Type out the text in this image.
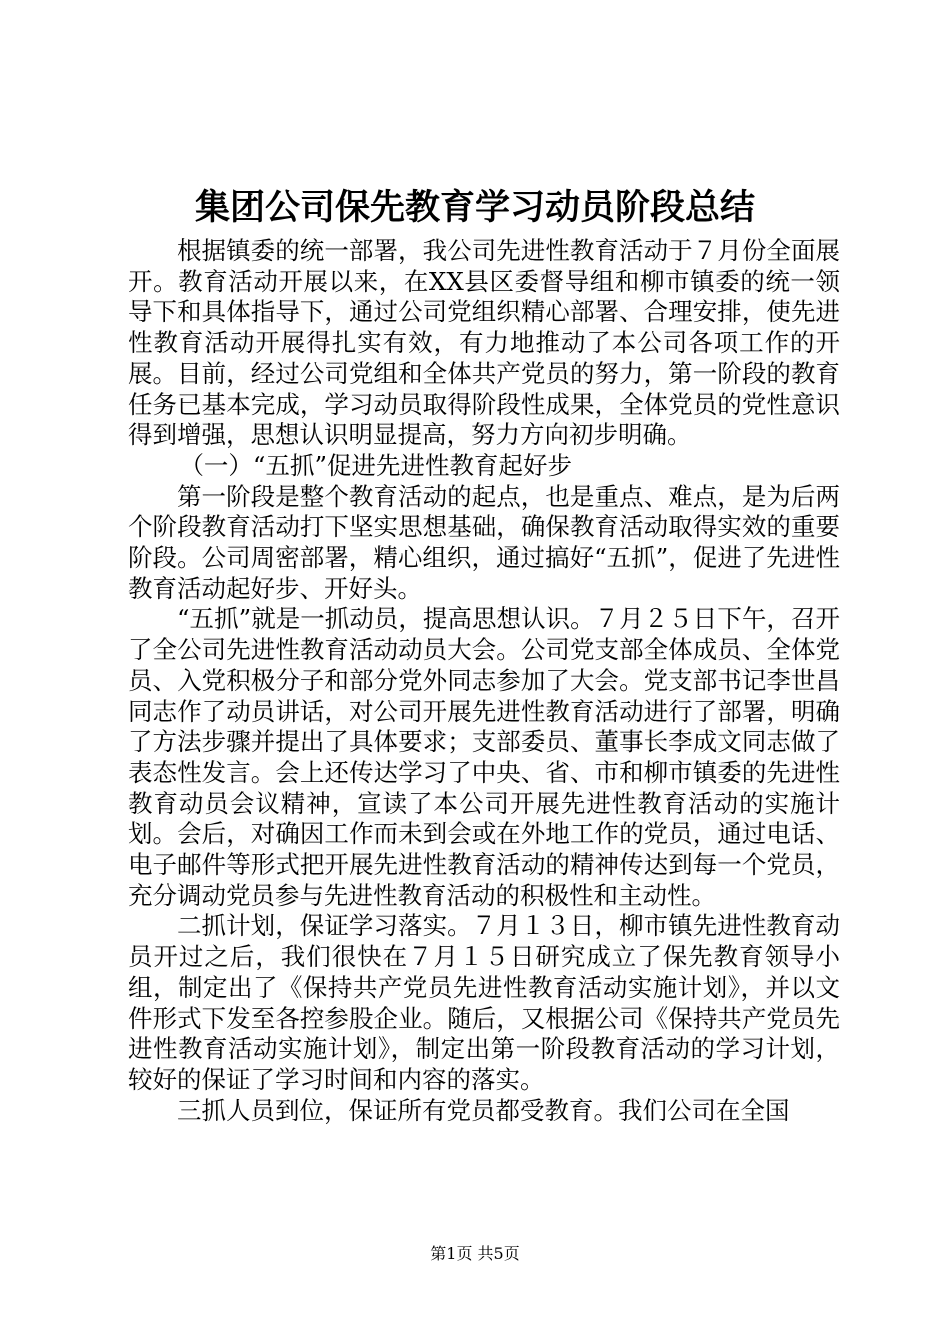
集团公司保先教育学习动员阶段总结

根据镇委的统一部署，我公司先进性教育活动于７月份全面展开。教育活动开展以来，在XX县区委督导组和柳市镇委的统一领导下和具体指导下，通过公司党组织精心部署、合理安排，使先进性教育活动开展得扎实有效，有力地推动了本公司各项工作的开展。目前，经过公司党组和全体共产党员的努力，第一阶段的教育任务已基本完成，学习动员取得阶段性成果，全体党员的党性意识得到增强，思想认识明显提高，努力方向初步明确。

（一）“五抓”促进先进性教育起好步

第一阶段是整个教育活动的起点，也是重点、难点，是为后两个阶段教育活动打下坚实思想基础，确保教育活动取得实效的重要阶段。公司周密部署，精心组织，通过搞好“五抓”，促进了先进性教育活动起好步、开好头。

“五抓”就是一抓动员，提高思想认识。７月２５日下午，召开了全公司先进性教育活动动员大会。公司党支部全体成员、全体党员、入党积极分子和部分党外同志参加了大会。党支部书记李世昌同志作了动员讲话，对公司开展先进性教育活动进行了部署，明确了方法步骤并提出了具体要求；支部委员、董事长李成文同志做了表态性发言。会上还传达学习了中央、省、市和柳市镇委的先进性教育动员会议精神，宣读了本公司开展先进性教育活动的实施计划。会后，对确因工作而未到会或在外地工作的党员，通过电话、电子邮件等形式把开展先进性教育活动的精神传达到每一个党员，充分调动党员参与先进性教育活动的积极性和主动性。

二抓计划，保证学习落实。７月１３日，柳市镇先进性教育动员开过之后，我们很快在７月１５日研究成立了保先教育领导小组，制定出了《保持共产党员先进性教育活动实施计划》，并以文件形式下发至各控参股企业。随后，又根据公司《保持共产党员先进性教育活动实施计划》，制定出第一阶段教育活动的学习计划，较好的保证了学习时间和内容的落实。

三抓人员到位，保证所有党员都受教育。我们公司在全国

第1页 共5页
